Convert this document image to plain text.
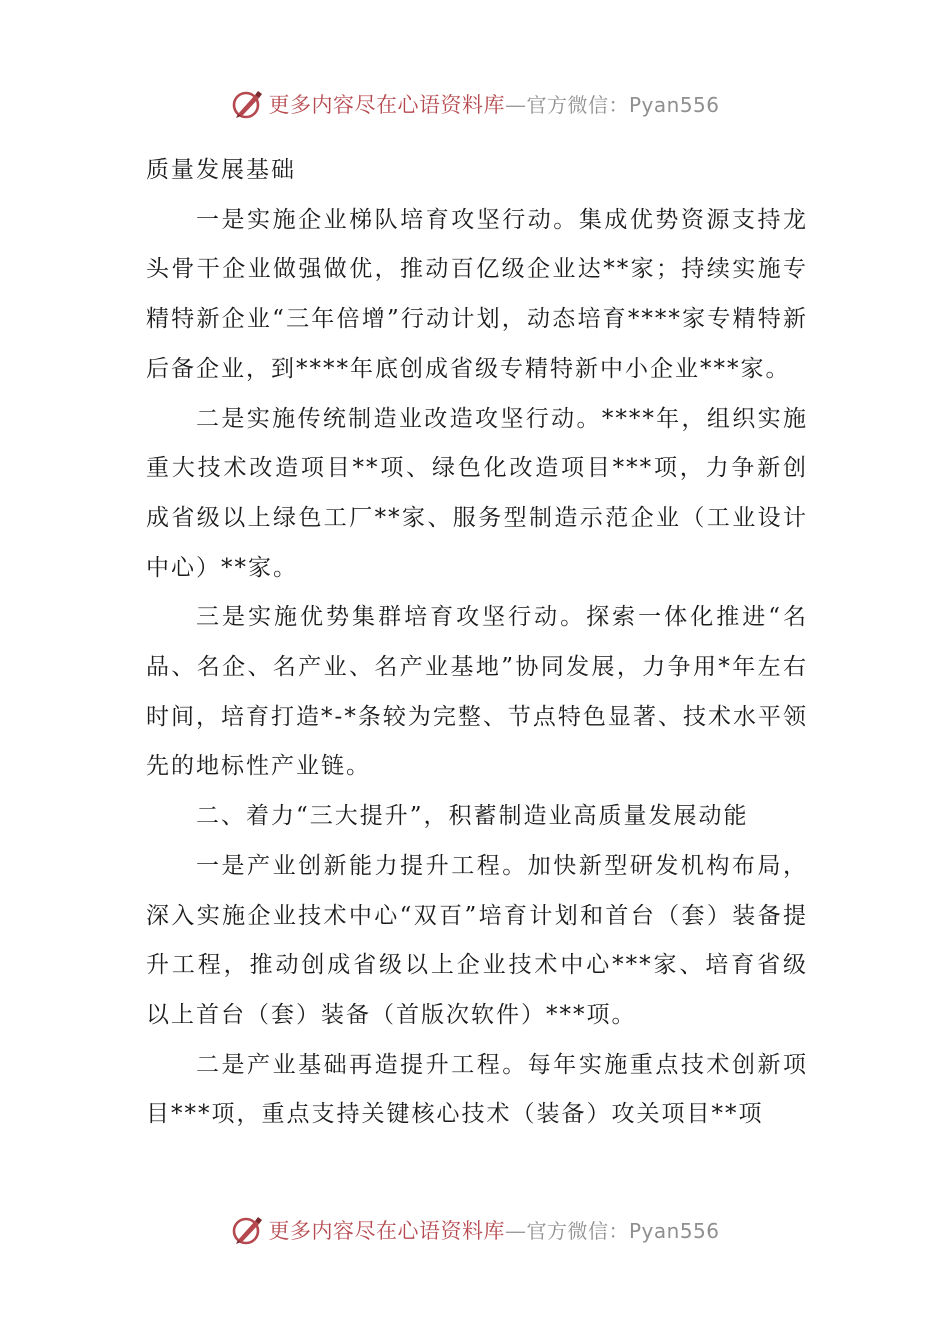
更多内容尽在心语资料库—官方微信：Pyan556

质量发展基础

一是实施企业梯队培育攻坚行动。集成优势资源支持龙头骨干企业做强做优，推动百亿级企业达**家；持续实施专精特新企业“三年倍增”行动计划，动态培育****家专精特新后备企业，到****年底创成省级专精特新中小企业***家。

二是实施传统制造业改造攻坚行动。****年，组织实施重大技术改造项目**项、绿色化改造项目***项，力争新创成省级以上绿色工厂**家、服务型制造示范企业（工业设计中心）**家。

三是实施优势集群培育攻坚行动。探索一体化推进“名品、名企、名产业、名产业基地”协同发展，力争用*年左右时间，培育打造*-*条较为完整、节点特色显著、技术水平领先的地标性产业链。

二、着力“三大提升”，积蓄制造业高质量发展动能

一是产业创新能力提升工程。加快新型研发机构布局，深入实施企业技术中心“双百”培育计划和首台（套）装备提升工程，推动创成省级以上企业技术中心***家、培育省级以上首台（套）装备（首版次软件）***项。

二是产业基础再造提升工程。每年实施重点技术创新项目***项，重点支持关键核心技术（装备）攻关项目**项

更多内容尽在心语资料库—官方微信：Pyan556
